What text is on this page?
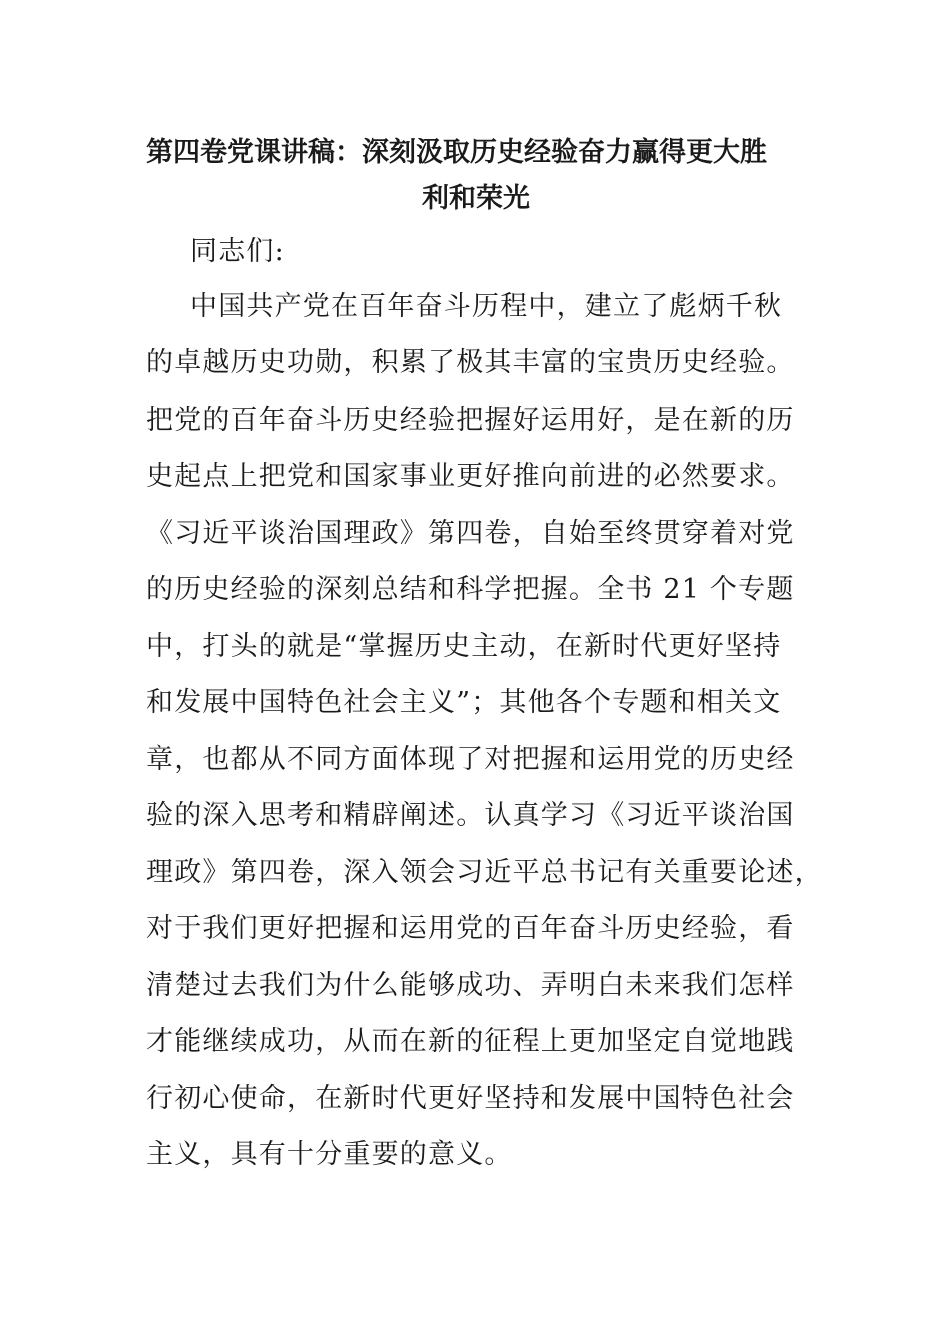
第四卷党课讲稿：深刻汲取历史经验奋力赢得更大胜
利和荣光
同志们:
中国共产党在百年奋斗历程中，建立了彪炳千秋
的卓越历史功勋，积累了极其丰富的宝贵历史经验。
把党的百年奋斗历史经验把握好运用好，是在新的历
史起点上把党和国家事业更好推向前进的必然要求。
《习近平谈治国理政》第四卷，自始至终贯穿着对党
的历史经验的深刻总结和科学把握。全书 21 个专题
中，打头的就是“掌握历史主动，在新时代更好坚持
和发展中国特色社会主义”；其他各个专题和相关文
章，也都从不同方面体现了对把握和运用党的历史经
验的深入思考和精辟阐述。认真学习《习近平谈治国
理政》第四卷，深入领会习近平总书记有关重要论述，
对于我们更好把握和运用党的百年奋斗历史经验，看
清楚过去我们为什么能够成功、弄明白未来我们怎样
才能继续成功，从而在新的征程上更加坚定自觉地践
行初心使命，在新时代更好坚持和发展中国特色社会
主义，具有十分重要的意义。
